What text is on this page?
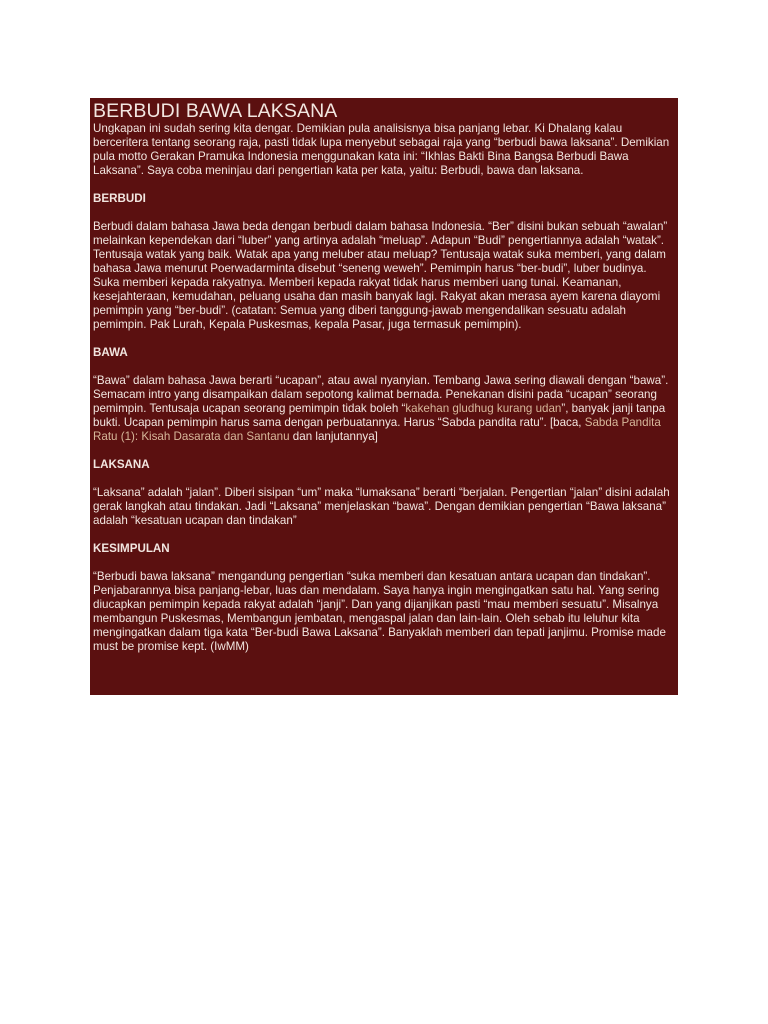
BERBUDI BAWA LAKSANA

Ungkapan ini sudah sering kita dengar. Demikian pula analisisnya bisa panjang lebar. Ki Dhalang kalau berceritera tentang seorang raja, pasti tidak lupa menyebut sebagai raja yang “berbudi bawa laksana”. Demikian pula motto Gerakan Pramuka Indonesia menggunakan kata ini: “Ikhlas Bakti Bina Bangsa Berbudi Bawa Laksana”. Saya coba meninjau dari pengertian kata per kata, yaitu: Berbudi, bawa dan laksana.

BERBUDI

Berbudi dalam bahasa Jawa beda dengan berbudi dalam bahasa Indonesia. “Ber” disini bukan sebuah “awalan” melainkan kependekan dari “luber” yang artinya adalah “meluap”. Adapun “Budi” pengertiannya adalah “watak”. Tentusaja watak yang baik. Watak apa yang meluber atau meluap? Tentusaja watak suka memberi, yang dalam bahasa Jawa menurut Poerwadarminta disebut “seneng weweh”. Pemimpin harus “ber-budi”, luber budinya. Suka memberi kepada rakyatnya. Memberi kepada rakyat tidak harus memberi uang tunai. Keamanan, kesejahteraan, kemudahan, peluang usaha dan masih banyak lagi. Rakyat akan merasa ayem karena diayomi pemimpin yang “ber-budi”. (catatan: Semua yang diberi tanggung-jawab mengendalikan sesuatu adalah pemimpin. Pak Lurah, Kepala Puskesmas, kepala Pasar, juga termasuk pemimpin).

BAWA

“Bawa” dalam bahasa Jawa berarti “ucapan”, atau awal nyanyian. Tembang Jawa sering diawali dengan “bawa”. Semacam intro yang disampaikan dalam sepotong kalimat bernada. Penekanan disini pada “ucapan” seorang pemimpin. Tentusaja ucapan seorang pemimpin tidak boleh “kakehan gludhug kurang udan”, banyak janji tanpa bukti. Ucapan pemimpin harus sama dengan perbuatannya. Harus “Sabda pandita ratu”. [baca, Sabda Pandita Ratu (1): Kisah Dasarata dan Santanu dan lanjutannya]

LAKSANA

“Laksana” adalah “jalan”. Diberi sisipan “um” maka “lumaksana” berarti “berjalan. Pengertian “jalan” disini adalah gerak langkah atau tindakan. Jadi “Laksana” menjelaskan “bawa”. Dengan demikian pengertian “Bawa laksana” adalah “kesatuan ucapan dan tindakan”

KESIMPULAN

“Berbudi bawa laksana” mengandung pengertian “suka memberi dan kesatuan antara ucapan dan tindakan”. Penjabarannya bisa panjang-lebar, luas dan mendalam. Saya hanya ingin mengingatkan satu hal. Yang sering diucapkan pemimpin kepada rakyat adalah “janji”. Dan yang dijanjikan pasti “mau memberi sesuatu”. Misalnya membangun Puskesmas, Membangun jembatan, mengaspal jalan dan lain-lain. Oleh sebab itu leluhur kita mengingatkan dalam tiga kata “Ber-budi Bawa Laksana”. Banyaklah memberi dan tepati janjimu. Promise made must be promise kept. (IwMM)
